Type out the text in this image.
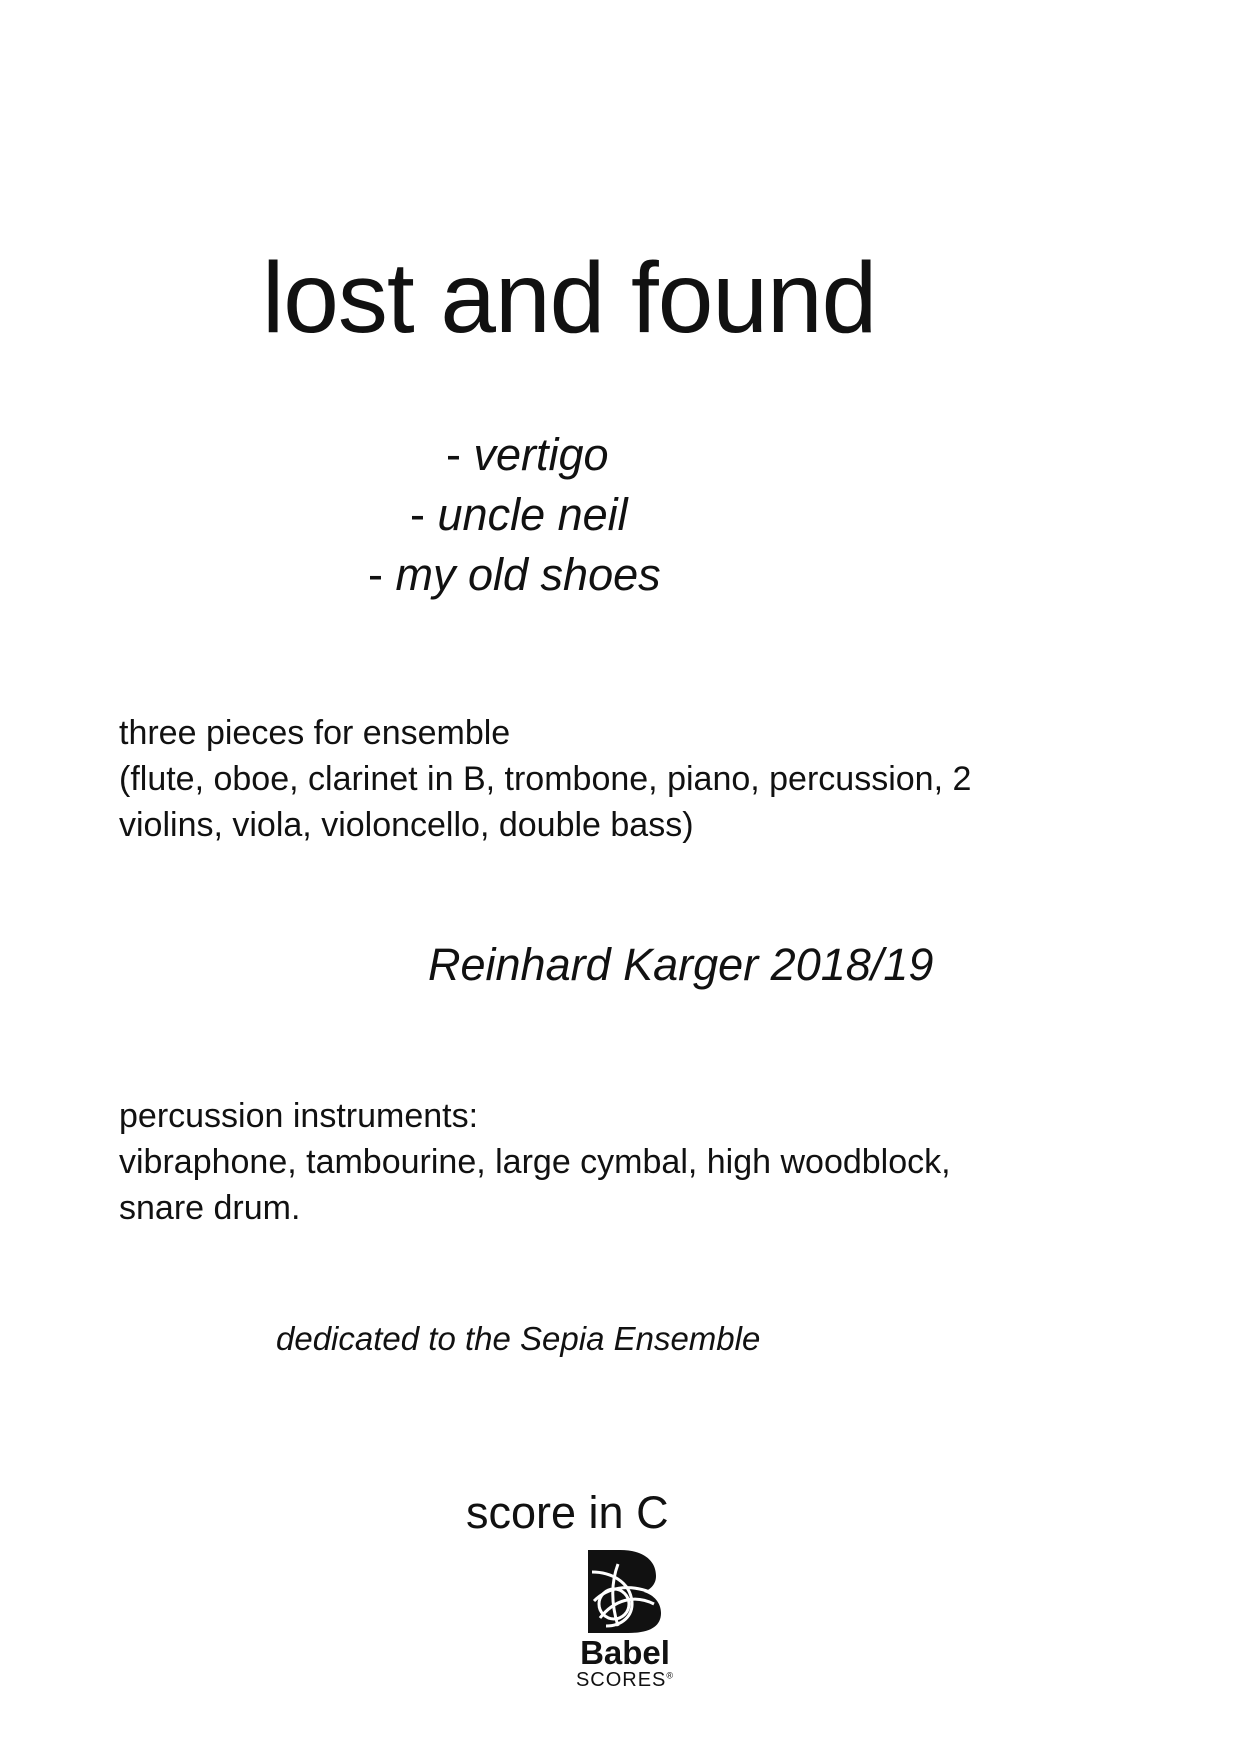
lost and found
- vertigo
- uncle neil
- my old shoes
three pieces for ensemble
(flute, oboe, clarinet in B, trombone, piano, percussion, 2
violins, viola, violoncello, double bass)
Reinhard Karger 2018/19
percussion instruments:
vibraphone, tambourine, large cymbal, high woodblock,
snare drum.
dedicated to the Sepia Ensemble
score in C
Babel
SCORES®
